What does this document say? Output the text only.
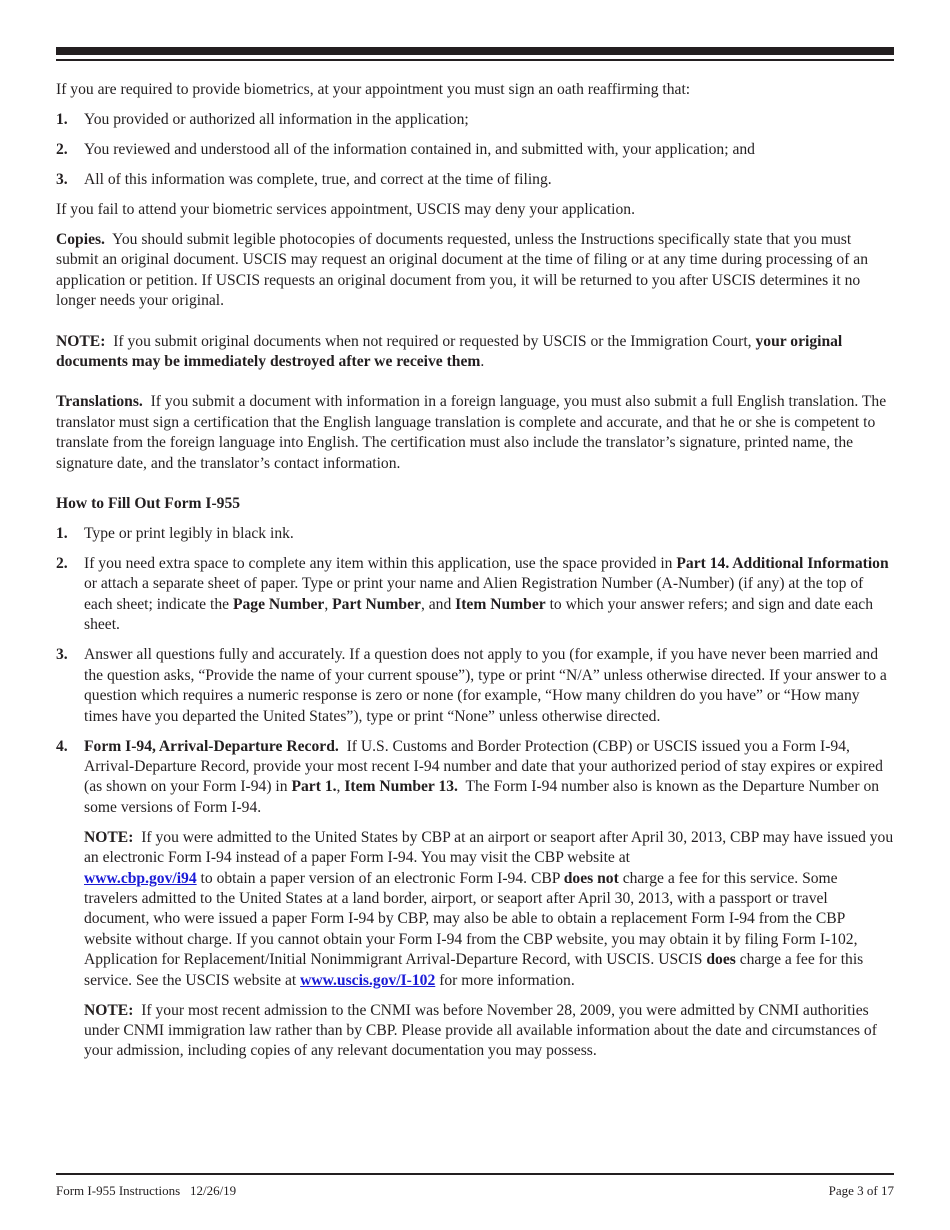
If you are required to provide biometrics, at your appointment you must sign an oath reaffirming that:

1.	You provided or authorized all information in the application;
2.	You reviewed and understood all of the information contained in, and submitted with, your application; and
3.	All of this information was complete, true, and correct at the time of filing.

If you fail to attend your biometric services appointment, USCIS may deny your application.

Copies. You should submit legible photocopies of documents requested, unless the Instructions specifically state that you must submit an original document. USCIS may request an original document at the time of filing or at any time during processing of an application or petition. If USCIS requests an original document from you, it will be returned to you after USCIS determines it no longer needs your original.

NOTE: If you submit original documents when not required or requested by USCIS or the Immigration Court, your original documents may be immediately destroyed after we receive them.

Translations. If you submit a document with information in a foreign language, you must also submit a full English translation. The translator must sign a certification that the English language translation is complete and accurate, and that he or she is competent to translate from the foreign language into English. The certification must also include the translator’s signature, printed name, the signature date, and the translator’s contact information.

How to Fill Out Form I-955

1.	Type or print legibly in black ink.
2.	If you need extra space to complete any item within this application, use the space provided in Part 14. Additional Information or attach a separate sheet of paper. Type or print your name and Alien Registration Number (A-Number) (if any) at the top of each sheet; indicate the Page Number, Part Number, and Item Number to which your answer refers; and sign and date each sheet.
3.	Answer all questions fully and accurately. If a question does not apply to you (for example, if you have never been married and the question asks, “Provide the name of your current spouse”), type or print “N/A” unless otherwise directed. If your answer to a question which requires a numeric response is zero or none (for example, “How many children do you have” or “How many times have you departed the United States”), type or print “None” unless otherwise directed.
4.	Form I-94, Arrival-Departure Record. If U.S. Customs and Border Protection (CBP) or USCIS issued you a Form I-94, Arrival-Departure Record, provide your most recent I-94 number and date that your authorized period of stay expires or expired (as shown on your Form I-94) in Part 1., Item Number 13. The Form I-94 number also is known as the Departure Number on some versions of Form I-94.

NOTE: If you were admitted to the United States by CBP at an airport or seaport after April 30, 2013, CBP may have issued you an electronic Form I-94 instead of a paper Form I-94. You may visit the CBP website at
www.cbp.gov/i94 to obtain a paper version of an electronic Form I-94. CBP does not charge a fee for this service. Some travelers admitted to the United States at a land border, airport, or seaport after April 30, 2013, with a passport or travel document, who were issued a paper Form I-94 by CBP, may also be able to obtain a replacement Form I-94 from the CBP website without charge. If you cannot obtain your Form I-94 from the CBP website, you may obtain it by filing Form I-102, Application for Replacement/Initial Nonimmigrant Arrival-Departure Record, with USCIS. USCIS does charge a fee for this service. See the USCIS website at www.uscis.gov/I-102 for more information.

NOTE: If your most recent admission to the CNMI was before November 28, 2009, you were admitted by CNMI authorities under CNMI immigration law rather than by CBP. Please provide all available information about the date and circumstances of your admission, including copies of any relevant documentation you may possess.

Form I-955 Instructions   12/26/19	Page 3 of 17
